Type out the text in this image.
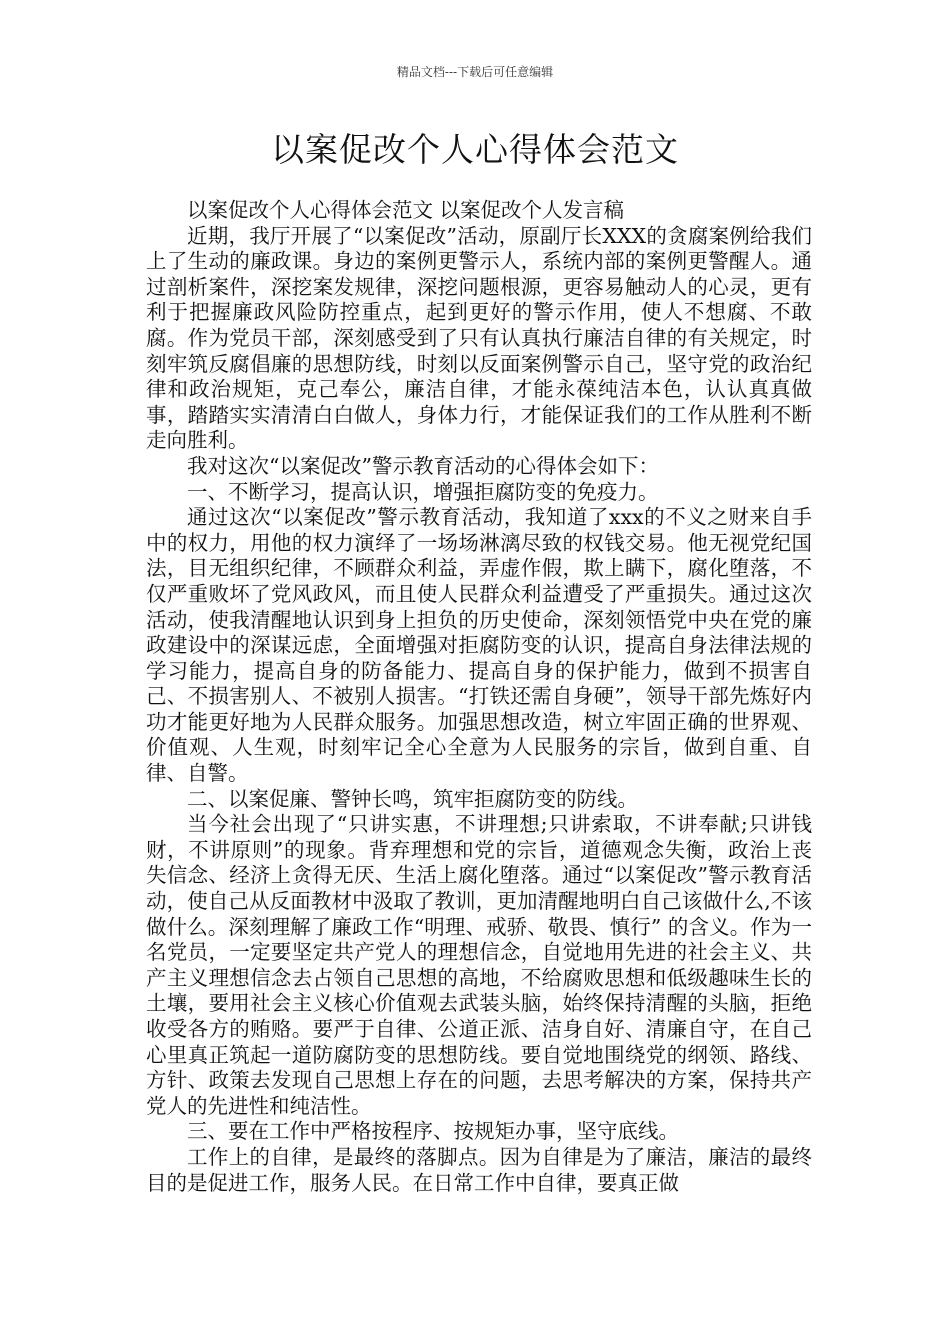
精品文档---下载后可任意编辑
以案促改个人心得体会范文

以案促改个人心得体会范文 以案促改个人发言稿

近期，我厅开展了“以案促改”活动，原副厅长XXX的贪腐案例给我们上了生动的廉政课。身边的案例更警示人，系统内部的案例更警醒人。通过剖析案件，深挖案发规律，深挖问题根源，更容易触动人的心灵，更有利于把握廉政风险防控重点，起到更好的警示作用，使人不想腐、不敢腐。作为党员干部，深刻感受到了只有认真执行廉洁自律的有关规定，时刻牢筑反腐倡廉的思想防线，时刻以反面案例警示自己，坚守党的政治纪律和政治规矩，克己奉公，廉洁自律，才能永葆纯洁本色，认认真真做事，踏踏实实清清白白做人，身体力行，才能保证我们的工作从胜利不断走向胜利。

我对这次“以案促改”警示教育活动的心得体会如下：

一、不断学习，提高认识，增强拒腐防变的免疫力。

通过这次“以案促改”警示教育活动，我知道了xxx的不义之财来自手中的权力，用他的权力演绎了一场场淋漓尽致的权钱交易。他无视党纪国法，目无组织纪律，不顾群众利益，弄虚作假，欺上瞒下，腐化堕落，不仅严重败坏了党风政风，而且使人民群众利益遭受了严重损失。通过这次活动，使我清醒地认识到身上担负的历史使命，深刻领悟党中央在党的廉政建设中的深谋远虑，全面增强对拒腐防变的认识，提高自身法律法规的学习能力，提高自身的防备能力、提高自身的保护能力，做到不损害自己、不损害别人、不被别人损害。“打铁还需自身硬”，领导干部先炼好内功才能更好地为人民群众服务。加强思想改造，树立牢固正确的世界观、价值观、人生观，时刻牢记全心全意为人民服务的宗旨，做到自重、自律、自警。

二、以案促廉、警钟长鸣，筑牢拒腐防变的防线。

当今社会出现了“只讲实惠，不讲理想;只讲索取，不讲奉献;只讲钱财，不讲原则”的现象。背弃理想和党的宗旨，道德观念失衡，政治上丧失信念、经济上贪得无厌、生活上腐化堕落。通过“以案促改”警示教育活动，使自己从反面教材中汲取了教训，更加清醒地明白自己该做什么,不该做什么。深刻理解了廉政工作“明理、戒骄、敬畏、慎行” 的含义。作为一名党员，一定要坚定共产党人的理想信念，自觉地用先进的社会主义、共产主义理想信念去占领自己思想的高地，不给腐败思想和低级趣味生长的土壤，要用社会主义核心价值观去武装头脑，始终保持清醒的头脑，拒绝收受各方的贿赂。要严于自律、公道正派、洁身自好、清廉自守，在自己心里真正筑起一道防腐防变的思想防线。要自觉地围绕党的纲领、路线、方针、政策去发现自己思想上存在的问题，去思考解决的方案，保持共产党人的先进性和纯洁性。

三、要在工作中严格按程序、按规矩办事，坚守底线。

工作上的自律，是最终的落脚点。因为自律是为了廉洁，廉洁的最终目的是促进工作，服务人民。在日常工作中自律，要真正做
